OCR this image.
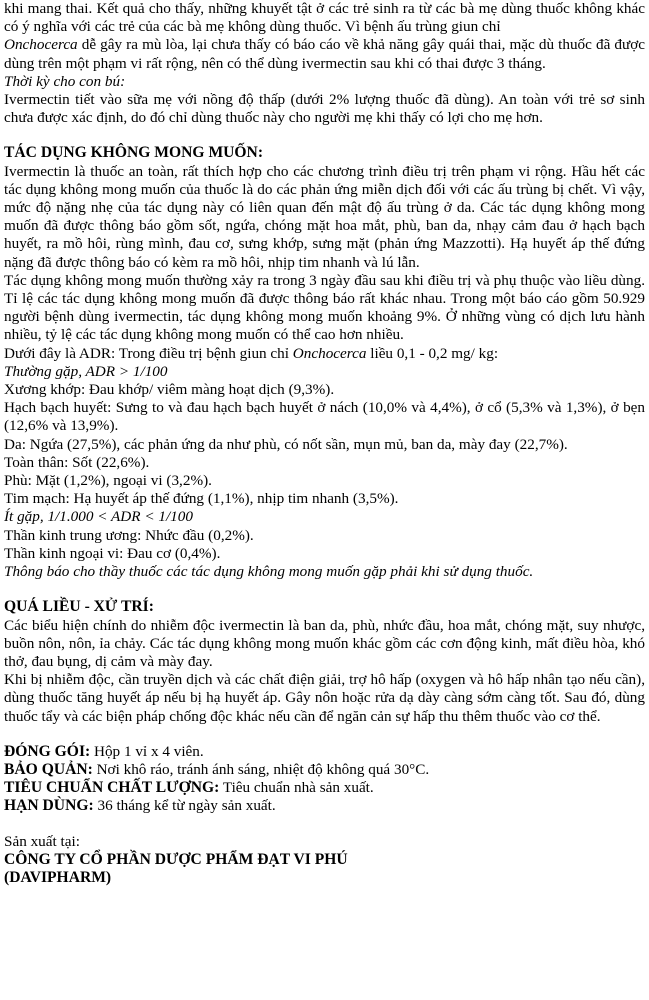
khi mang thai. Kết quả cho thấy, những khuyết tật ở các trẻ sinh ra từ các bà mẹ dùng thuốc không khác có ý nghĩa với các trẻ của các bà mẹ không dùng thuốc. Vì bệnh ấu trùng giun chỉ
Onchocerca dễ gây ra mù lòa, lại chưa thấy có báo cáo về khả năng gây quái thai, mặc dù thuốc đã được dùng trên một phạm vi rất rộng, nên có thể dùng ivermectin sau khi có thai được 3 tháng.

Thời kỳ cho con bú:

Ivermectin tiết vào sữa mẹ với nồng độ thấp (dưới 2% lượng thuốc đã dùng). An toàn với trẻ sơ sinh chưa được xác định, do đó chỉ dùng thuốc này cho người mẹ khi thấy có lợi cho mẹ hơn.

TÁC DỤNG KHÔNG MONG MUỐN:

Ivermectin là thuốc an toàn, rất thích hợp cho các chương trình điều trị trên phạm vi rộng. Hầu hết các tác dụng không mong muốn của thuốc là do các phản ứng miễn dịch đối với các ấu trùng bị chết. Vì vậy, mức độ nặng nhẹ của tác dụng này có liên quan đến mật độ ấu trùng ở da. Các tác dụng không mong muốn đã được thông báo gồm sốt, ngứa, chóng mặt hoa mắt, phù, ban da, nhạy cảm đau ở hạch bạch huyết, ra mồ hôi, rùng mình, đau cơ, sưng khớp, sưng mặt (phản ứng Mazzotti). Hạ huyết áp thế đứng nặng đã được thông báo có kèm ra mồ hôi, nhịp tim nhanh và lú lẫn.

Tác dụng không mong muốn thường xảy ra trong 3 ngày đầu sau khi điều trị và phụ thuộc vào liều dùng. Tỉ lệ các tác dụng không mong muốn đã được thông báo rất khác nhau. Trong một báo cáo gồm 50.929 người bệnh dùng ivermectin, tác dụng không mong muốn khoảng 9%. Ở những vùng có dịch lưu hành nhiều, tỷ lệ các tác dụng không mong muốn có thể cao hơn nhiều.

Dưới đây là ADR: Trong điều trị bệnh giun chỉ Onchocerca liều 0,1 - 0,2 mg/ kg:

Thường gặp, ADR > 1/100

Xương khớp: Đau khớp/ viêm màng hoạt dịch (9,3%).

Hạch bạch huyết: Sưng to và đau hạch bạch huyết ở nách (10,0% và 4,4%), ở cổ (5,3% và 1,3%), ở bẹn (12,6% và 13,9%).

Da: Ngứa (27,5%), các phản ứng da như phù, có nốt sần, mụn mủ, ban da, mày đay (22,7%).

Toàn thân: Sốt (22,6%).

Phù: Mặt (1,2%), ngoại vi (3,2%).

Tim mạch: Hạ huyết áp thế đứng (1,1%), nhịp tim nhanh (3,5%).

Ít gặp, 1/1.000 < ADR < 1/100

Thần kinh trung ương: Nhức đầu (0,2%).

Thần kinh ngoại vi: Đau cơ (0,4%).

Thông báo cho thầy thuốc các tác dụng không mong muốn gặp phải khi sử dụng thuốc.

QUÁ LIỀU - XỬ TRÍ:

Các biểu hiện chính do nhiễm độc ivermectin là ban da, phù, nhức đầu, hoa mắt, chóng mặt, suy nhược, buồn nôn, nôn, ỉa chảy. Các tác dụng không mong muốn khác gồm các cơn động kinh, mất điều hòa, khó thở, đau bụng, dị cảm và mày đay.

Khi bị nhiễm độc, cần truyền dịch và các chất điện giải, trợ hô hấp (oxygen và hô hấp nhân tạo nếu cần), dùng thuốc tăng huyết áp nếu bị hạ huyết áp. Gây nôn hoặc rửa dạ dày càng sớm càng tốt. Sau đó, dùng thuốc tẩy và các biện pháp chống độc khác nếu cần để ngăn cản sự hấp thu thêm thuốc vào cơ thể.

ĐÓNG GÓI: Hộp 1 vỉ x 4 viên.

BẢO QUẢN: Nơi khô ráo, tránh ánh sáng, nhiệt độ không quá 30°C.

TIÊU CHUẨN CHẤT LƯỢNG: Tiêu chuẩn nhà sản xuất.

HẠN DÙNG: 36 tháng kể từ ngày sản xuất.

Sản xuất tại:

CÔNG TY CỔ PHẦN DƯỢC PHẨM ĐẠT VI PHÚ

(DAVIPHARM)
